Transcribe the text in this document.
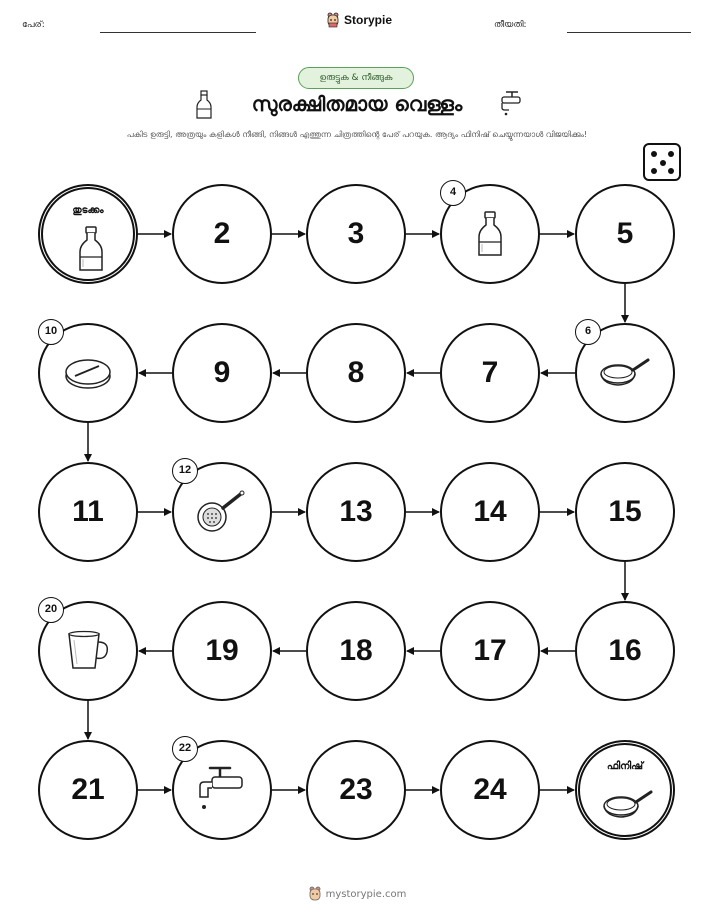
പേര്:	Storypie	തീയതി:
ഉരുട്ടുക & നീങ്ങുക
സുരക്ഷിതമായ വെള്ളം
പകിട ഉരുട്ടി, അത്രയും കളികൾ നീങ്ങി, നിങ്ങൾ എത്തുന്ന ചിത്രത്തിന്റെ പേര് പറയുക. ആദ്യം ഫിനിഷ് ചെയ്യുന്നയാൾ വിജയിക്കും!
തുടക്കം
2	3
4
5
6
7
8
9
10
11
12
13	14	15
16
17
18
19
20
21
22
23	24
ഫിനിഷ്
mystorypie.com
